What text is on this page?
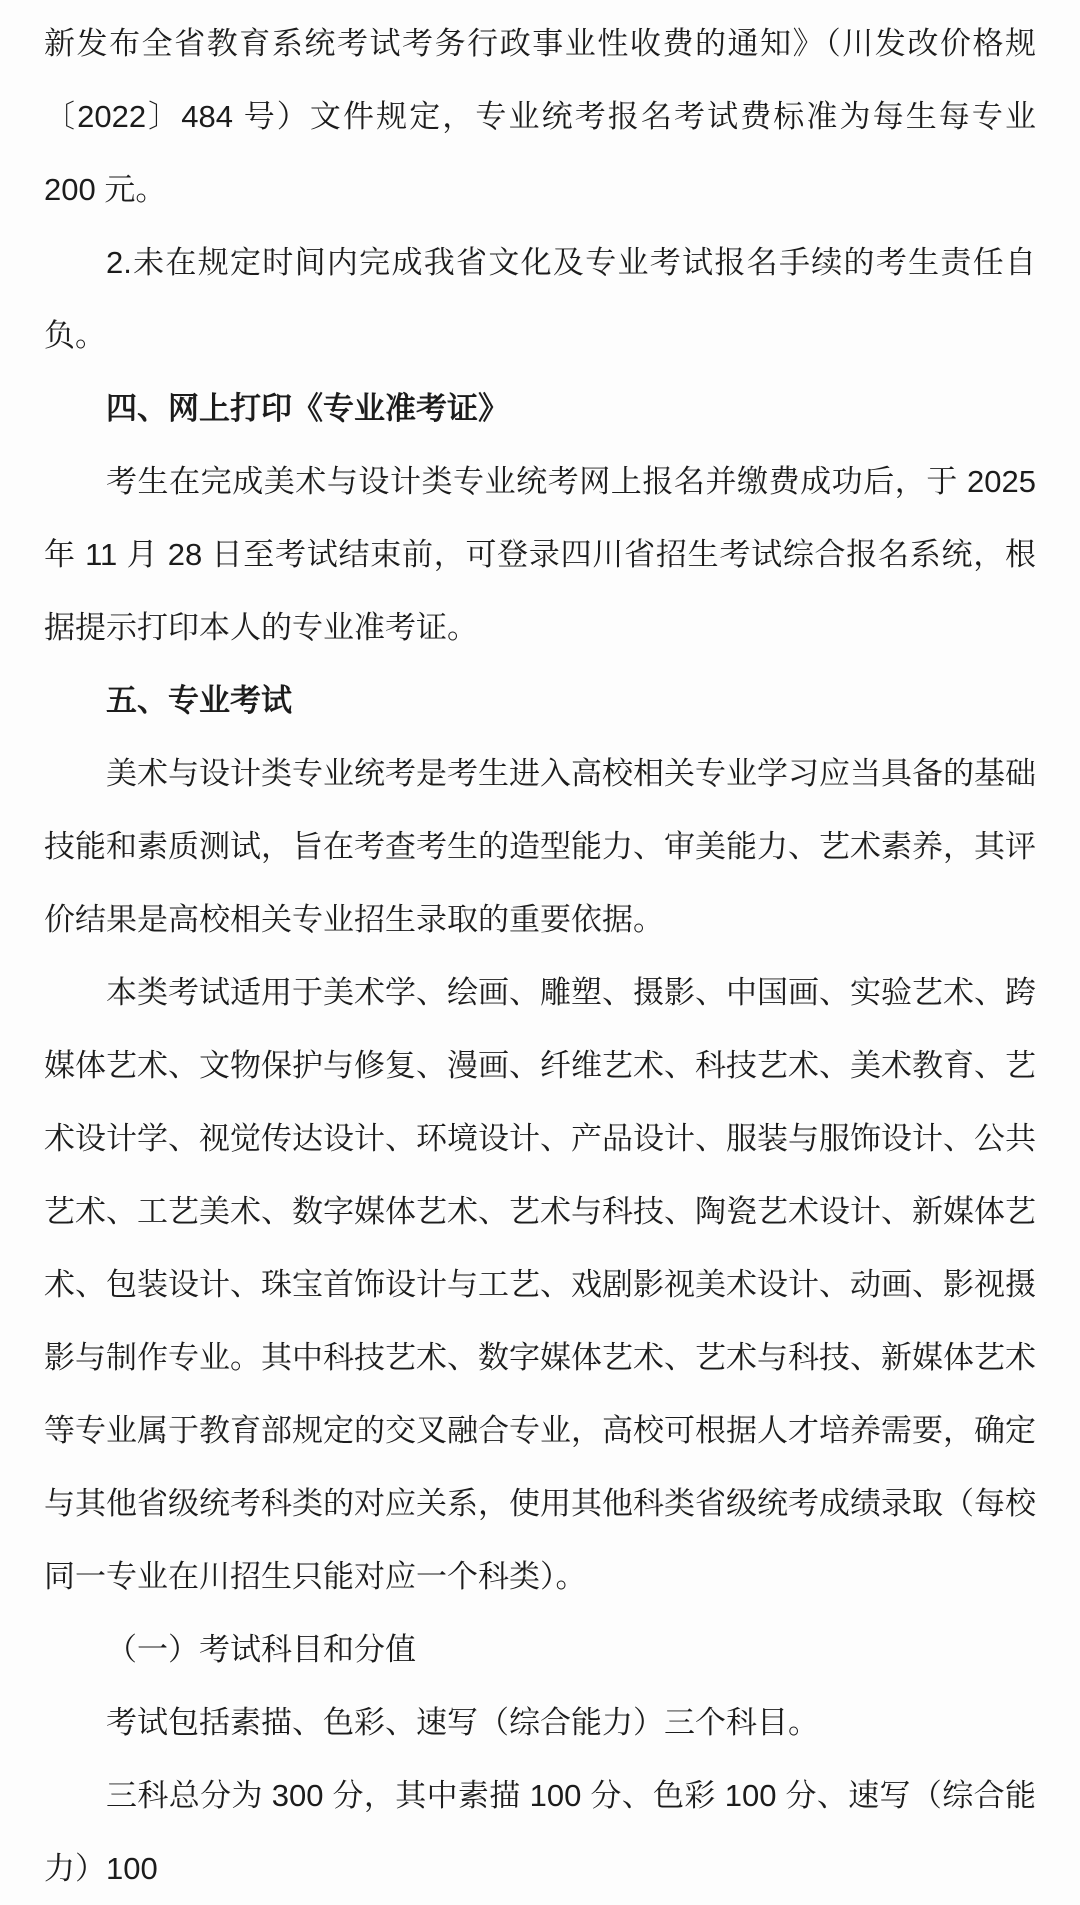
新发布全省教育系统考试考务行政事业性收费的通知》（川发改价格规〔2022〕484 号）文件规定，专业统考报名考试费标准为每生每专业 200 元。

2.未在规定时间内完成我省文化及专业考试报名手续的考生责任自负。

四、网上打印《专业准考证》

考生在完成美术与设计类专业统考网上报名并缴费成功后，于 2025 年 11 月 28 日至考试结束前，可登录四川省招生考试综合报名系统，根据提示打印本人的专业准考证。

五、专业考试

美术与设计类专业统考是考生进入高校相关专业学习应当具备的基础技能和素质测试，旨在考查考生的造型能力、审美能力、艺术素养，其评价结果是高校相关专业招生录取的重要依据。

本类考试适用于美术学、绘画、雕塑、摄影、中国画、实验艺术、跨媒体艺术、文物保护与修复、漫画、纤维艺术、科技艺术、美术教育、艺术设计学、视觉传达设计、环境设计、产品设计、服装与服饰设计、公共艺术、工艺美术、数字媒体艺术、艺术与科技、陶瓷艺术设计、新媒体艺术、包装设计、珠宝首饰设计与工艺、戏剧影视美术设计、动画、影视摄影与制作专业。其中科技艺术、数字媒体艺术、艺术与科技、新媒体艺术等专业属于教育部规定的交叉融合专业，高校可根据人才培养需要，确定与其他省级统考科类的对应关系，使用其他科类省级统考成绩录取（每校同一专业在川招生只能对应一个科类）。

（一）考试科目和分值

考试包括素描、色彩、速写（综合能力）三个科目。

三科总分为 300 分，其中素描 100 分、色彩 100 分、速写（综合能力）100
